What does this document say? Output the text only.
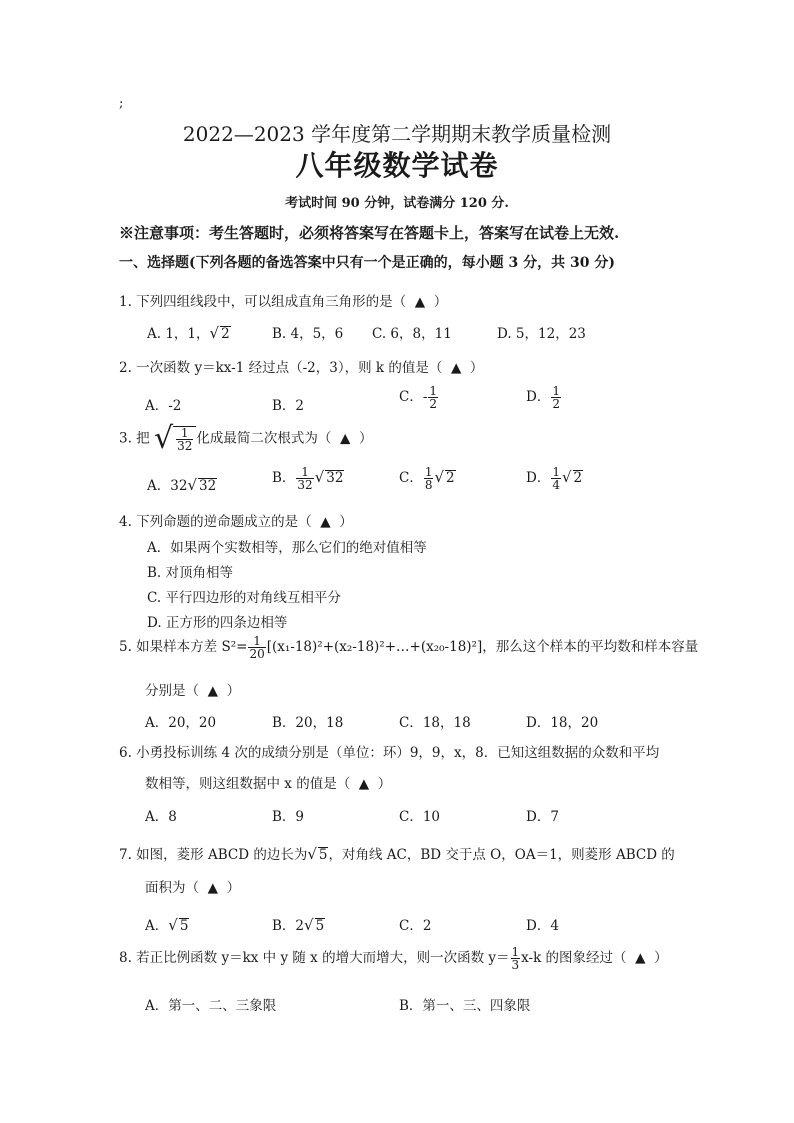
;
2022—2023 学年度第二学期期末教学质量检测
八年级数学试卷
考试时间 90 分钟，试卷满分 120 分.
※注意事项：考生答题时，必须将答案写在答题卡上，答案写在试卷上无效.
一、选择题(下列各题的备选答案中只有一个是正确的，每小题 3 分，共 30 分)
1. 下列四组线段中，可以组成直角三角形的是（ ▲ ）
A. 1，1，√ 2	B. 4，5，6 C. 6，8，11	D. 5，12，23
2. 一次函数 y＝kx-1 经过点（-2，3），则 k 的值是（ ▲ ）
A．-2	B．2
C．- $\frac{1}{2}$	D． $\frac{1}{2}$
3. 把 √ $\frac{1}{32}$ 化成最简二次根式为（ ▲ ）
A．32√ 32	B． $\frac{1}{32}$ √ 32	C． $\frac{1}{8}$ √ 2	D． $\frac{1}{4}$ √ 2
4. 下列命题的逆命题成立的是（ ▲ ）
A．如果两个实数相等，那么它们的绝对值相等
B. 对顶角相等
C. 平行四边形的对角线互相平分
D. 正方形的四条边相等
5. 如果样本方差 $S^2= \frac{1}{20}$ [(x₁-18)²+(x₂-18)²+…+(x₂₀-18)²]，那么这个样本的平均数和样本容量
分别是（ ▲ ）
A．20，20	B．20，18	C．18，18	D．18，20
6. 小勇投标训练 4 次的成绩分别是（单位：环）9，9，x，8．已知这组数据的众数和平均
数相等，则这组数据中 x 的值是（ ▲ ）
A．8	B．9	C．10	D．7
7. 如图，菱形 ABCD 的边长为√ 5，对角线 AC，BD 交于点 O，OA＝1，则菱形 ABCD 的
面积为（ ▲ ）
A．√ 5	B．2√ 5	C．2	D．4
8. 若正比例函数 y＝kx 中 y 随 x 的增大而增大，则一次函数 $y= \frac{1}{3} x-k$ 的图象经过（ ▲ ）
A．第一、二、三象限	B．第一、三、四象限
